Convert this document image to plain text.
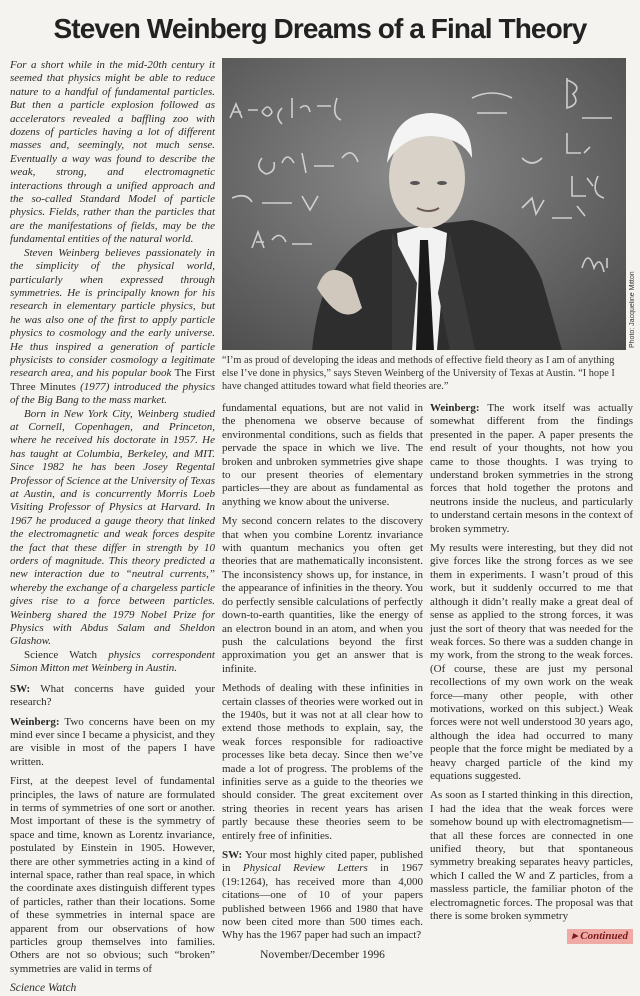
Steven Weinberg Dreams of a Final Theory
Photo: Jacqueline Mitton
“I’m as proud of developing the ideas and methods of effective field theory as I am of anything else I’ve done in physics,” says Steven Weinberg of the University of Texas at Austin. “I hope I have changed attitudes toward what field theories are.”

For a short while in the mid-20th century it seemed that physics might be able to reduce nature to a handful of fundamental particles. But then a particle explosion followed as accelerators revealed a baffling zoo with dozens of particles having a lot of different masses and, seemingly, not much sense. Eventually a way was found to describe the weak, strong, and electromagnetic interactions through a unified approach and the so-called Standard Model of particle physics. Fields, rather than the particles that are the manifestations of fields, may be the fundamental entities of the natural world.

Steven Weinberg believes passionately in the simplicity of the physical world, particularly when expressed through symmetries. He is principally known for his research in elementary particle physics, but he was also one of the first to apply particle physics to cosmology and the early universe. He thus inspired a generation of particle physicists to consider cosmology a legitimate research area, and his popular book The First Three Minutes (1977) introduced the physics of the Big Bang to the mass market.

Born in New York City, Weinberg studied at Cornell, Copenhagen, and Princeton, where he received his doctorate in 1957. He has taught at Columbia, Berkeley, and MIT. Since 1982 he has been Josey Regental Professor of Science at the University of Texas at Austin, and is concurrently Morris Loeb Visiting Professor of Physics at Harvard. In 1967 he produced a gauge theory that linked the electromagnetic and weak forces despite the fact that these differ in strength by 10 orders of magnitude. This theory predicted a new interaction due to “neutral currents,” whereby the exchange of a chargeless particle gives rise to a force between particles. Weinberg shared the 1979 Nobel Prize for Physics with Abdus Salam and Sheldon Glashow.

Science Watch physics correspondent Simon Mitton met Weinberg in Austin.

SW: What concerns have guided your research?

Weinberg: Two concerns have been on my mind ever since I became a physicist, and they are visible in most of the papers I have written.

First, at the deepest level of fundamental principles, the laws of nature are formulated in terms of symmetries of one sort or another. Most important of these is the symmetry of space and time, known as Lorentz invariance, postulated by Einstein in 1905. However, there are other symmetries acting in a kind of internal space, rather than real space, in which the coordinate axes distinguish different types of particles, rather than their locations. Some of these symmetries in internal space are apparent from our observations of how particles group themselves into families. Others are not so obvious; such “broken” symmetries are valid in terms of

Science Watch

fundamental equations, but are not valid in the phenomena we observe because of environmental conditions, such as fields that pervade the space in which we live. The broken and unbroken symmetries give shape to our present theories of elementary particles—they are about as fundamental as anything we know about the universe.

My second concern relates to the discovery that when you combine Lorentz invariance with quantum mechanics you often get theories that are mathematically inconsistent. The inconsistency shows up, for instance, in the appearance of infinities in the theory. You do perfectly sensible calculations of perfectly down-to-earth quantities, like the energy of an electron bound in an atom, and when you push the calculations beyond the first approximation you get an answer that is infinite.

Methods of dealing with these infinities in certain classes of theories were worked out in the 1940s, but it was not at all clear how to extend those methods to explain, say, the weak forces responsible for radioactive processes like beta decay. Since then we’ve made a lot of progress. The problems of the infinities serve as a guide to the theories we should consider. The great excitement over string theories in recent years has arisen partly because these theories seem to be entirely free of infinities.

SW: Your most highly cited paper, published in Physical Review Letters in 1967 (19:1264), has received more than 4,000 citations—one of 10 of your papers published between 1966 and 1980 that have now been cited more than 500 times each. Why has the 1967 paper had such an impact?

November/December 1996

Weinberg: The work itself was actually somewhat different from the findings presented in the paper. A paper presents the end result of your thoughts, not how you came to those thoughts. I was trying to understand broken symmetries in the strong forces that hold together the protons and neutrons inside the nucleus, and particularly to understand certain mesons in the context of broken symmetry.

My results were interesting, but they did not give forces like the strong forces as we see them in experiments. I wasn’t proud of this work, but it suddenly occurred to me that although it didn’t really make a great deal of sense as applied to the strong forces, it was just the sort of theory that was needed for the weak forces. So there was a sudden change in my work, from the strong to the weak forces. (Of course, these are just my personal recollections of my own work on the weak force—many other people, with other motivations, worked on this subject.) Weak forces were not well understood 30 years ago, although the idea had occurred to many people that the force might be mediated by a heavy charged particle of the kind my equations suggested.

As soon as I started thinking in this direction, I had the idea that the weak forces were somehow bound up with electromagnetism—that all these forces are connected in one unified theory, but that spontaneous symmetry breaking separates heavy particles, which I called the W and Z particles, from a massless particle, the familiar photon of the electromagnetic forces. The proposal was that there is some broken symmetry

▸ Continued
